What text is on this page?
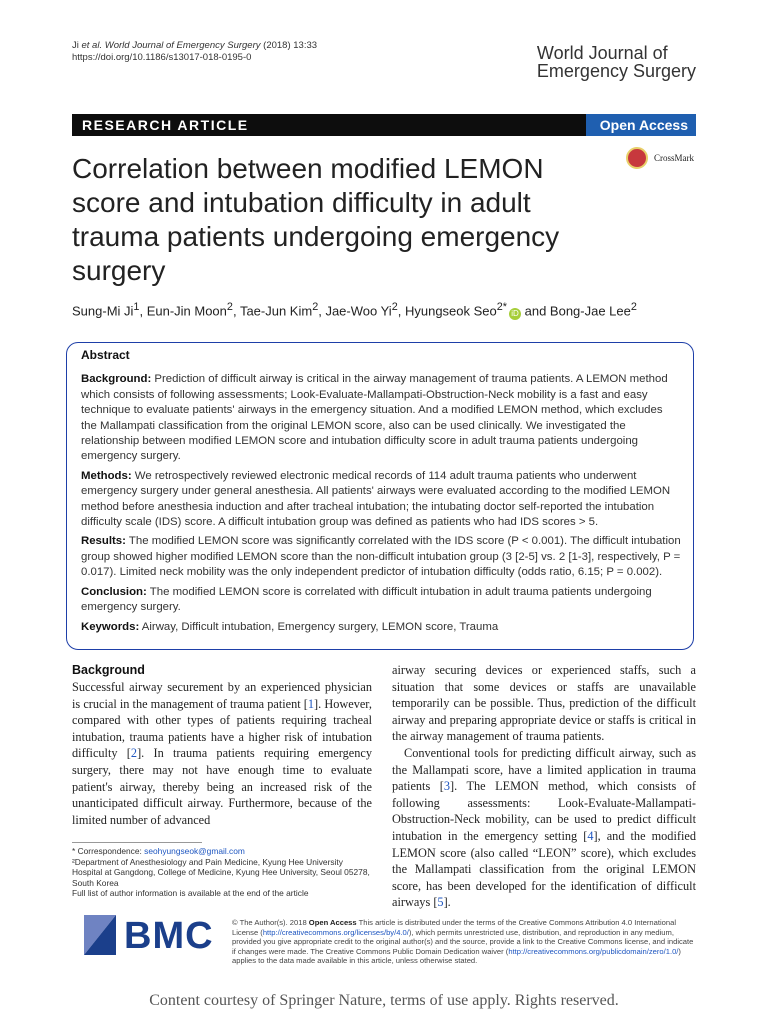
Ji et al. World Journal of Emergency Surgery (2018) 13:33
https://doi.org/10.1186/s13017-018-0195-0	World Journal of
Emergency Surgery
RESEARCH ARTICLE	Open Access
Correlation between modified LEMON score and intubation difficulty in adult trauma patients undergoing emergency surgery
CrossMark
Sung-Mi Ji$^1$, Eun-Jin Moon$^2$, Tae-Jun Kim$^2$, Jae-Woo Yi$^2$, Hyungseok Seo$^{2*}$iD and Bong-Jae Lee$^2$
Abstract

Background: Prediction of difficult airway is critical in the airway management of trauma patients. A LEMON method which consists of following assessments; Look-Evaluate-Mallampati-Obstruction-Neck mobility is a fast and easy technique to evaluate patients' airways in the emergency situation. And a modified LEMON method, which excludes the Mallampati classification from the original LEMON score, also can be used clinically. We investigated the relationship between modified LEMON score and intubation difficulty score in adult trauma patients undergoing emergency surgery.

Methods: We retrospectively reviewed electronic medical records of 114 adult trauma patients who underwent emergency surgery under general anesthesia. All patients' airways were evaluated according to the modified LEMON method before anesthesia induction and after tracheal intubation; the intubating doctor self-reported the intubation difficulty scale (IDS) score. A difficult intubation group was defined as patients who had IDS scores > 5.

Results: The modified LEMON score was significantly correlated with the IDS score (P < 0.001). The difficult intubation group showed higher modified LEMON score than the non-difficult intubation group (3 [2-5] vs. 2 [1-3], respectively, P = 0.017). Limited neck mobility was the only independent predictor of intubation difficulty (odds ratio, 6.15; P = 0.002).

Conclusion: The modified LEMON score is correlated with difficult intubation in adult trauma patients undergoing emergency surgery.

Keywords: Airway, Difficult intubation, Emergency surgery, LEMON score, Trauma

Background

Successful airway securement by an experienced physician is crucial in the management of trauma patient [1]. However, compared with other types of patients requiring tracheal intubation, trauma patients have a higher risk of intubation difficulty [2]. In trauma patients requiring emergency surgery, there may not have enough time to evaluate patient's airway, thereby being an increased risk of the unanticipated difficult airway. Furthermore, because of the limited number of advanced

airway securing devices or experienced staffs, such a situation that some devices or staffs are unavailable temporarily can be possible. Thus, prediction of the difficult airway and preparing appropriate device or staffs is critical in the airway management of trauma patients.

Conventional tools for predicting difficult airway, such as the Mallampati score, have a limited application in trauma patients [3]. The LEMON method, which consists of following assessments: Look-Evaluate-Mallampati-Obstruction-Neck mobility, can be used to predict difficult intubation in the emergency setting [4], and the modified LEMON score (also called “LEON” score), which excludes the Mallampati classification from the original LEMON score, has been developed for the identification of difficult airways [5].

* Correspondence: seohyungseok@gmail.com

²Department of Anesthesiology and Pain Medicine, Kyung Hee University Hospital at Gangdong, College of Medicine, Kyung Hee University, Seoul 05278, South Korea

Full list of author information is available at the end of the article

BMC © The Author(s). 2018 Open Access This article is distributed under the terms of the Creative Commons Attribution 4.0 International License (http://creativecommons.org/licenses/by/4.0/), which permits unrestricted use, distribution, and reproduction in any medium, provided you give appropriate credit to the original author(s) and the source, provide a link to the Creative Commons license, and indicate if changes were made. The Creative Commons Public Domain Dedication waiver (http://creativecommons.org/publicdomain/zero/1.0/) applies to the data made available in this article, unless otherwise stated.
Content courtesy of Springer Nature, terms of use apply. Rights reserved.
